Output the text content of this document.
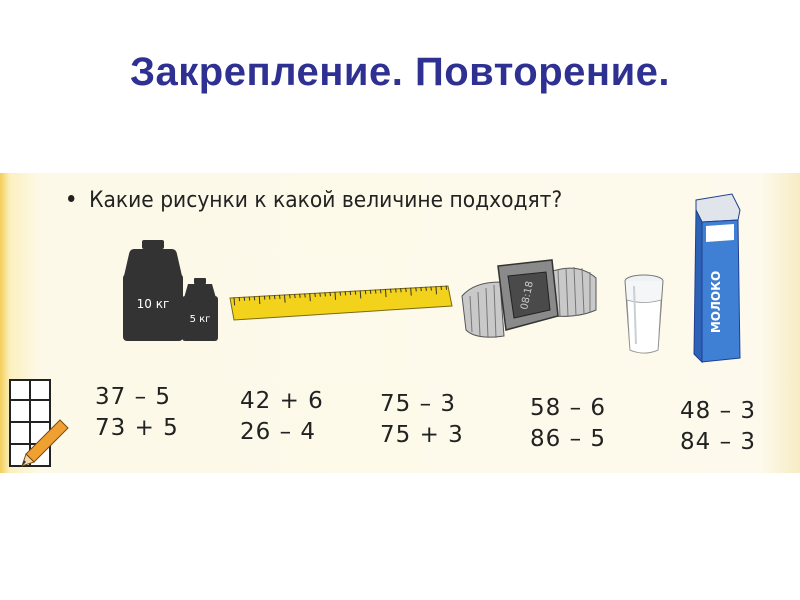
Закрепление. Повторение.
Какие рисунки к какой величине подходят?
10 кг
5 кг
08:18	МОЛОКО
37 – 5
73 + 5
42 + 6
26 – 4
75 – 3
75 + 3
58 – 6
86 – 5
48 – 3
84 – 3
